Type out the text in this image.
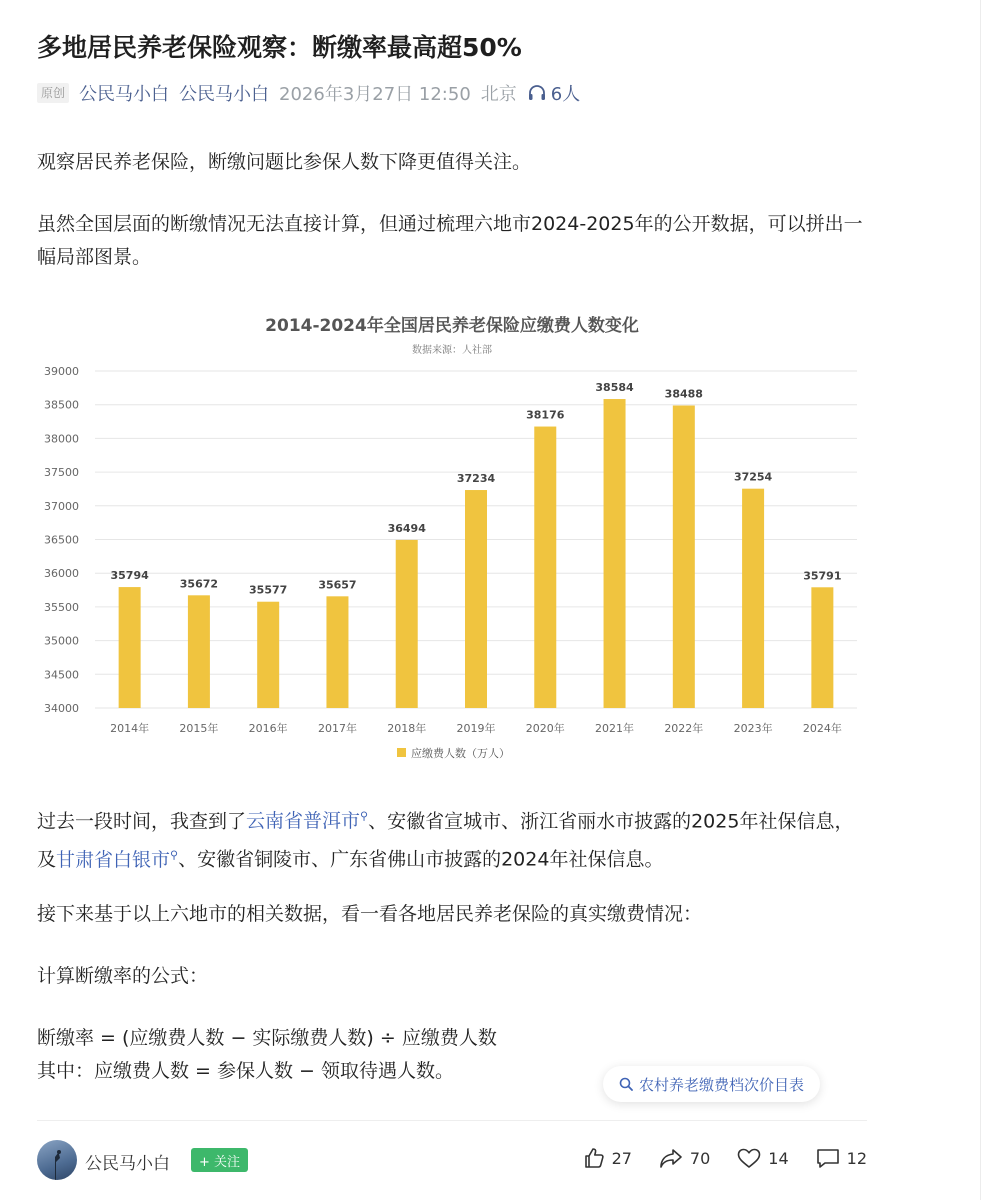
多地居民养老保险观察：断缴率最高超50%
原创 公民马小白 公民马小白 2026年3月27日 12:50 北京 6人

观察居民养老保险，断缴问题比参保人数下降更值得关注。

虽然全国层面的断缴情况无法直接计算，但通过梳理六地市2024-2025年的公开数据，可以拼出一幅局部图景。

2014-2024年全国居民养老保险应缴费人数变化
数据来源：人社部
34000
34500
35000
35500
36000
36500
37000
37500
38000
38500
39000
35794
2014年
35672
2015年
35577
2016年
35657
2017年
36494
2018年
37234
2019年
38176
2020年
38584
2021年
38488
2022年
37254
2023年
35791
2024年
应缴费人数（万人）

过去一段时间，我查到了云南省普洱市⚲、安徽省宣城市、浙江省丽水市披露的2025年社保信息，及甘肃省白银市⚲、安徽省铜陵市、广东省佛山市披露的2024年社保信息。

接下来基于以上六地市的相关数据，看一看各地居民养老保险的真实缴费情况：

计算断缴率的公式：

断缴率 = (应缴费人数 − 实际缴费人数) ÷ 应缴费人数

其中：应缴费人数 = 参保人数 − 领取待遇人数。

农村养老缴费档次价目表
公民马小白	+ 关注	27	70	14	12
